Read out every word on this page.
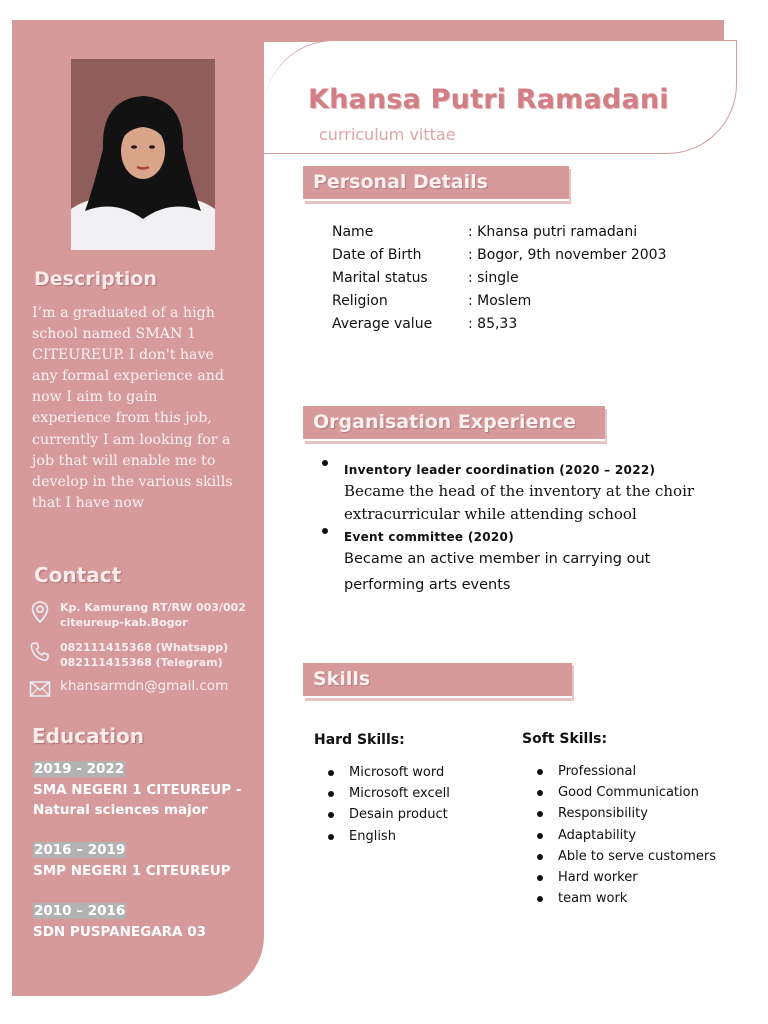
Khansa Putri Ramadani
curriculum vittae
Description
I’m a graduated of a high school named SMAN 1 CITEUREUP. I don't have any formal experience and now I aim to gain experience from this job, currently I am looking for a job that will enable me to develop in the various skills that I have now
Contact
Kp. Kamurang RT/RW 003/002
citeureup-kab.Bogor
082111415368 (Whatsapp)
082111415368 (Telegram)
khansarmdn@gmail.com
Education
2019 - 2022
SMA NEGERI 1 CITEUREUP - Natural sciences major
2016 – 2019
SMP NEGERI 1 CITEUREUP
2010 – 2016
SDN PUSPANEGARA 03
Personal Details
Name	: Khansa putri ramadani
Date of Birth	: Bogor, 9th november 2003
Marital status	: single
Religion	: Moslem
Average value	: 85,33
Organisation Experience
Inventory leader coordination (2020 – 2022)
Became the head of the inventory at the choir extracurricular while attending school
Event committee (2020)
Became an active member in carrying out performing arts events
Skills
Hard Skills:
Microsoft word
Microsoft excell
Desain product
English
Soft Skills:
Professional
Good Communication
Responsibility
Adaptability
Able to serve customers
Hard worker
team work
